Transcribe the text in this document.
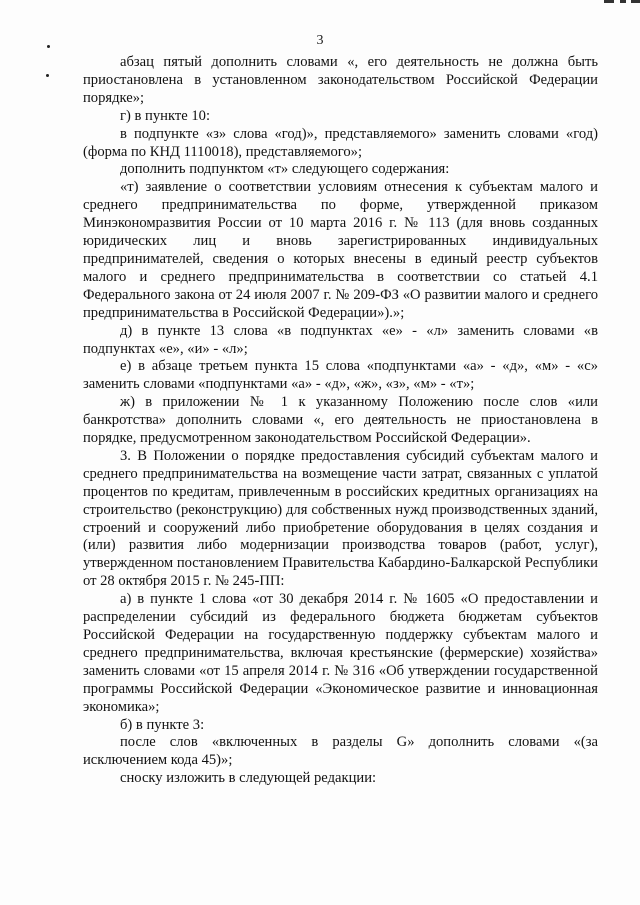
3

абзац пятый дополнить словами «, его деятельность не должна быть приостановлена в установленном законодательством Российской Федерации порядке»;

г) в пункте 10:

в подпункте «з» слова «год)», представляемого» заменить словами «год) (форма по КНД 1110018), представляемого»;

дополнить подпунктом «т» следующего содержания:

«т) заявление о соответствии условиям отнесения к субъектам малого и среднего предпринимательства по форме, утвержденной приказом Минэкономразвития России от 10 марта 2016 г. № 113 (для вновь созданных юридических лиц и вновь зарегистрированных индивидуальных предпринимателей, сведения о которых внесены в единый реестр субъектов малого и среднего предпринимательства в соответствии со статьей 4.1 Федерального закона от 24 июля 2007 г. № 209-ФЗ «О развитии малого и среднего предпринимательства в Российской Федерации»).»;

д) в пункте 13 слова «в подпунктах «е» - «л» заменить словами «в подпунктах «е», «и» - «л»;

е) в абзаце третьем пункта 15 слова «подпунктами «а» - «д», «м» - «с» заменить словами «подпунктами «а» - «д», «ж», «з», «м» - «т»;

ж) в приложении № 1 к указанному Положению после слов «или банкротства» дополнить словами «, его деятельность не приостановлена в порядке, предусмотренном законодательством Российской Федерации».

3. В Положении о порядке предоставления субсидий субъектам малого и среднего предпринимательства на возмещение части затрат, связанных с уплатой процентов по кредитам, привлеченным в российских кредитных организациях на строительство (реконструкцию) для собственных нужд производственных зданий, строений и сооружений либо приобретение оборудования в целях создания и (или) развития либо модернизации производства товаров (работ, услуг), утвержденном постановлением Правительства Кабардино-Балкарской Республики от 28 октября 2015 г. № 245-ПП:

а) в пункте 1 слова «от 30 декабря 2014 г. № 1605 «О предоставлении и распределении субсидий из федерального бюджета бюджетам субъектов Российской Федерации на государственную поддержку субъектам малого и среднего предпринимательства, включая крестьянские (фермерские) хозяйства» заменить словами «от 15 апреля 2014 г. № 316 «Об утверждении государственной программы Российской Федерации «Экономическое развитие и инновационная экономика»;

б) в пункте 3:

после слов «включенных в разделы G» дополнить словами «(за исключением кода 45)»;

сноску изложить в следующей редакции:
